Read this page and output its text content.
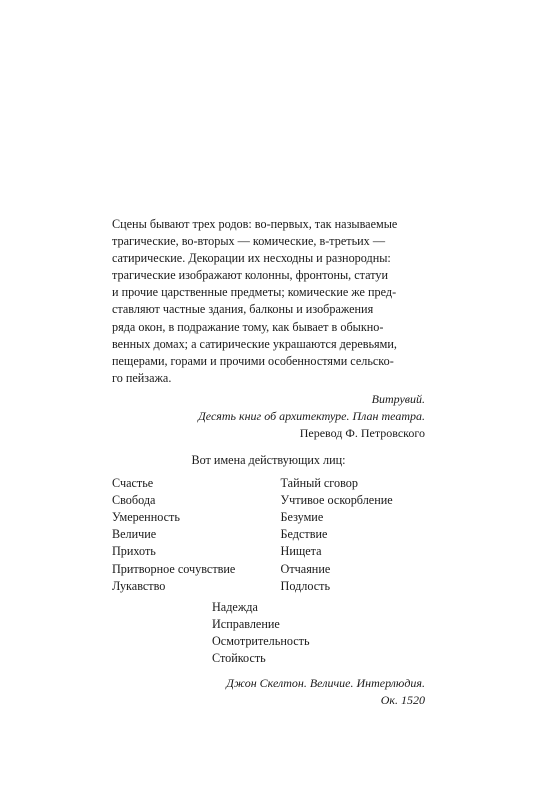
Сцены бывают трех родов: во-первых, так называемые

трагические, во-вторых — комические, в-третьих —

сатирические. Декорации их несходны и разнородны:

трагические изображают колонны, фронтоны, статуи

и прочие царственные предметы; комические же пред-

ставляют частные здания, балконы и изображения

ряда окон, в подражание тому, как бывает в обыкно-

венных домах; а сатирические украшаются деревьями,

пещерами, горами и прочими особенностями сельско-

го пейзажа.

Витрувий.
Десять книг об архитектуре. План театра.
Перевод Ф. Петровского
Вот имена действующих лиц:
Счастье
Свобода
Умеренность
Величие
Прихоть
Притворное сочувствие
Лукавство
Тайный сговор
Учтивое оскорбление
Безумие
Бедствие
Нищета
Отчаяние
Подлость
Надежда
Исправление
Осмотрительность
Стойкость
Джон Скелтон. Величие. Интерлюдия.
Ок. 1520
